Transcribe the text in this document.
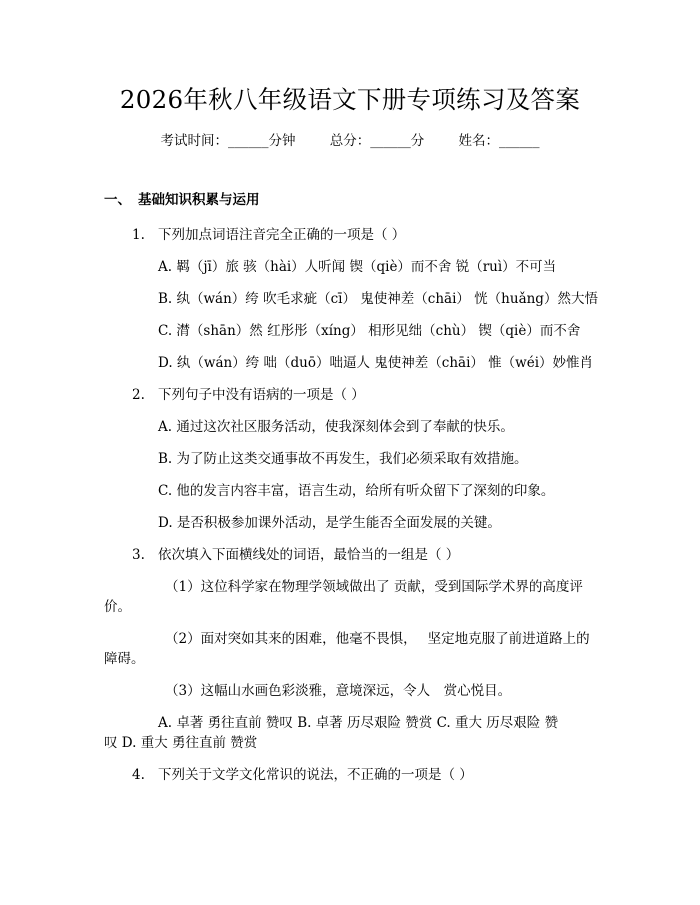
2026年秋八年级语文下册专项练习及答案
考试时间：______分钟	总分：______分	姓名：______
一、 基础知识积累与运用
1. 下列加点词语注音完全正确的一项是（ ）
A. 羁（jī）旅 骇（hài）人听闻 锲（qiè）而不舍 锐（ruì）不可当
B. 纨（wán）绔 吹毛求疵（cī） 鬼使神差（chāi） 恍（huǎng）然大悟
C. 潸（shān）然 红彤彤（xíng） 相形见绌（chù） 锲（qiè）而不舍
D. 纨（wán）绔 咄（duō）咄逼人 鬼使神差（chāi） 惟（wéi）妙惟肖
2. 下列句子中没有语病的一项是（ ）
A. 通过这次社区服务活动，使我深刻体会到了奉献的快乐。
B. 为了防止这类交通事故不再发生，我们必须采取有效措施。
C. 他的发言内容丰富，语言生动，给所有听众留下了深刻的印象。
D. 是否积极参加课外活动，是学生能否全面发展的关键。
3. 依次填入下面横线处的词语，最恰当的一组是（ ）
（1）这位科学家在物理学领域做出了 贡献，受到国际学术界的高度评
价。
（2）面对突如其来的困难，他毫不畏惧，　 坚定地克服了前进道路上的
障碍。
（3）这幅山水画色彩淡雅，意境深远，令人　赏心悦目。
A. 卓著 勇往直前 赞叹 B. 卓著 历尽艰险 赞赏 C. 重大 历尽艰险 赞
叹 D. 重大 勇往直前 赞赏
4. 下列关于文学文化常识的说法，不正确的一项是（ ）
